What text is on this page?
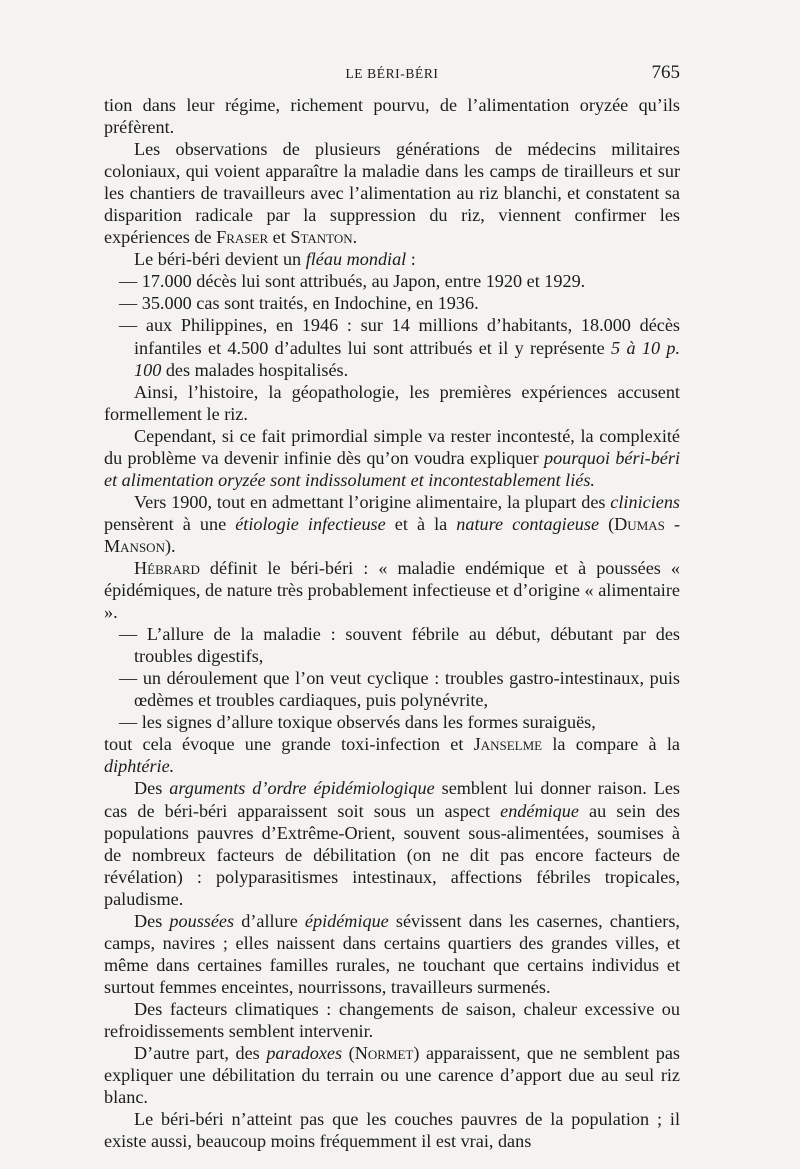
LE BÉRI-BÉRI	765

tion dans leur régime, richement pourvu, de l’alimentation oryzée qu’ils préfèrent.

Les observations de plusieurs générations de médecins militaires coloniaux, qui voient apparaître la maladie dans les camps de tirailleurs et sur les chantiers de travailleurs avec l’alimentation au riz blanchi, et constatent sa disparition radicale par la suppression du riz, viennent confirmer les expériences de Fraser et Stanton.

Le béri-béri devient un fléau mondial :

— 17.000 décès lui sont attribués, au Japon, entre 1920 et 1929.

— 35.000 cas sont traités, en Indochine, en 1936.

— aux Philippines, en 1946 : sur 14 millions d’habitants, 18.000 décès infantiles et 4.500 d’adultes lui sont attribués et il y représente 5 à 10 p. 100 des malades hospitalisés.

Ainsi, l’histoire, la géopathologie, les premières expériences accusent formellement le riz.

Cependant, si ce fait primordial simple va rester incontesté, la complexité du problème va devenir infinie dès qu’on voudra expliquer pourquoi béri-béri et alimentation oryzée sont indissolument et incontestablement liés.

Vers 1900, tout en admettant l’origine alimentaire, la plupart des cliniciens pensèrent à une étiologie infectieuse et à la nature contagieuse (Dumas - Manson).

Hébrard définit le béri-béri : « maladie endémique et à poussées « épidémiques, de nature très probablement infectieuse et d’origine « alimentaire ».

— L’allure de la maladie : souvent fébrile au début, débutant par des troubles digestifs,

— un déroulement que l’on veut cyclique : troubles gastro-intestinaux, puis œdèmes et troubles cardiaques, puis polynévrite,

— les signes d’allure toxique observés dans les formes suraiguës,

tout cela évoque une grande toxi-infection et Janselme la compare à la diphtérie.

Des arguments d’ordre épidémiologique semblent lui donner raison. Les cas de béri-béri apparaissent soit sous un aspect endémique au sein des populations pauvres d’Extrême-Orient, souvent sous-alimentées, soumises à de nombreux facteurs de débilitation (on ne dit pas encore facteurs de révélation) : polyparasitismes intestinaux, affections fébriles tropicales, paludisme.

Des poussées d’allure épidémique sévissent dans les casernes, chantiers, camps, navires ; elles naissent dans certains quartiers des grandes villes, et même dans certaines familles rurales, ne touchant que certains individus et surtout femmes enceintes, nourrissons, travailleurs surmenés.

Des facteurs climatiques : changements de saison, chaleur excessive ou refroidissements semblent intervenir.

D’autre part, des paradoxes (Normet) apparaissent, que ne semblent pas expliquer une débilitation du terrain ou une carence d’apport due au seul riz blanc.

Le béri-béri n’atteint pas que les couches pauvres de la population ; il existe aussi, beaucoup moins fréquemment il est vrai, dans
